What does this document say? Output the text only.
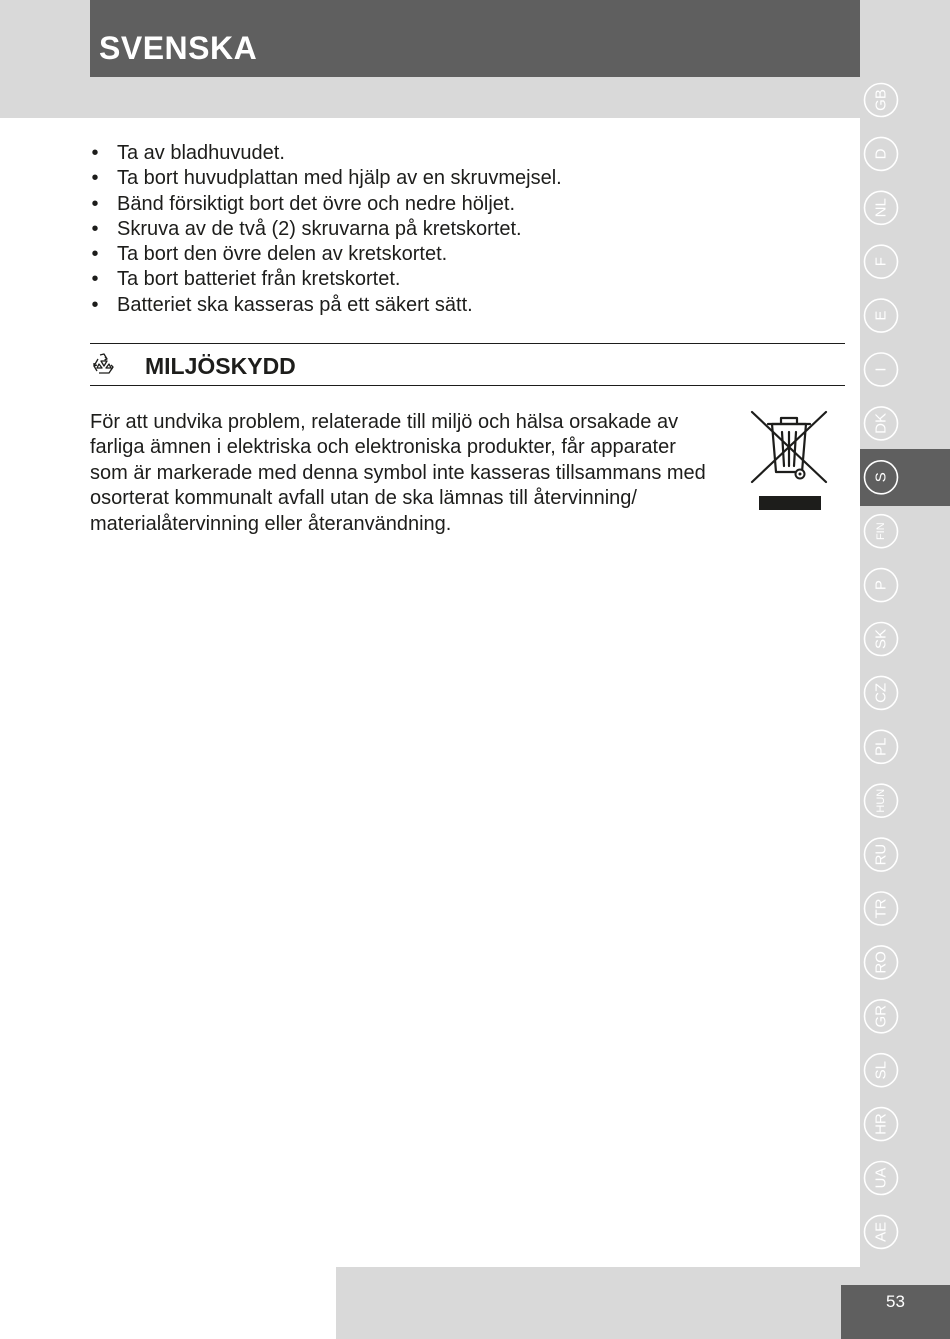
SVENSKA
• Ta av bladhuvudet.
• Ta bort huvudplattan med hjälp av en skruvmejsel.
• Bänd försiktigt bort det övre och nedre höljet.
• Skruva av de två (2) skruvarna på kretskortet.
• Ta bort den övre delen av kretskortet.
• Ta bort batteriet från kretskortet.
• Batteriet ska kasseras på ett säkert sätt.
MILJÖSKYDD
För att undvika problem, relaterade till miljö och hälsa orsakade av
farliga ämnen i elektriska och elektroniska produkter, får apparater
som är markerade med denna symbol inte kasseras tillsammans med
osorterat kommunalt avfall utan de ska lämnas till återvinning/
materialåtervinning eller återanvändning.
GB
D
NL
F
E
I
DK
S
FIN
P
SK
CZ
PL
HUN
RU
TR
RO
GR
SL
HR
UA
AE
53
